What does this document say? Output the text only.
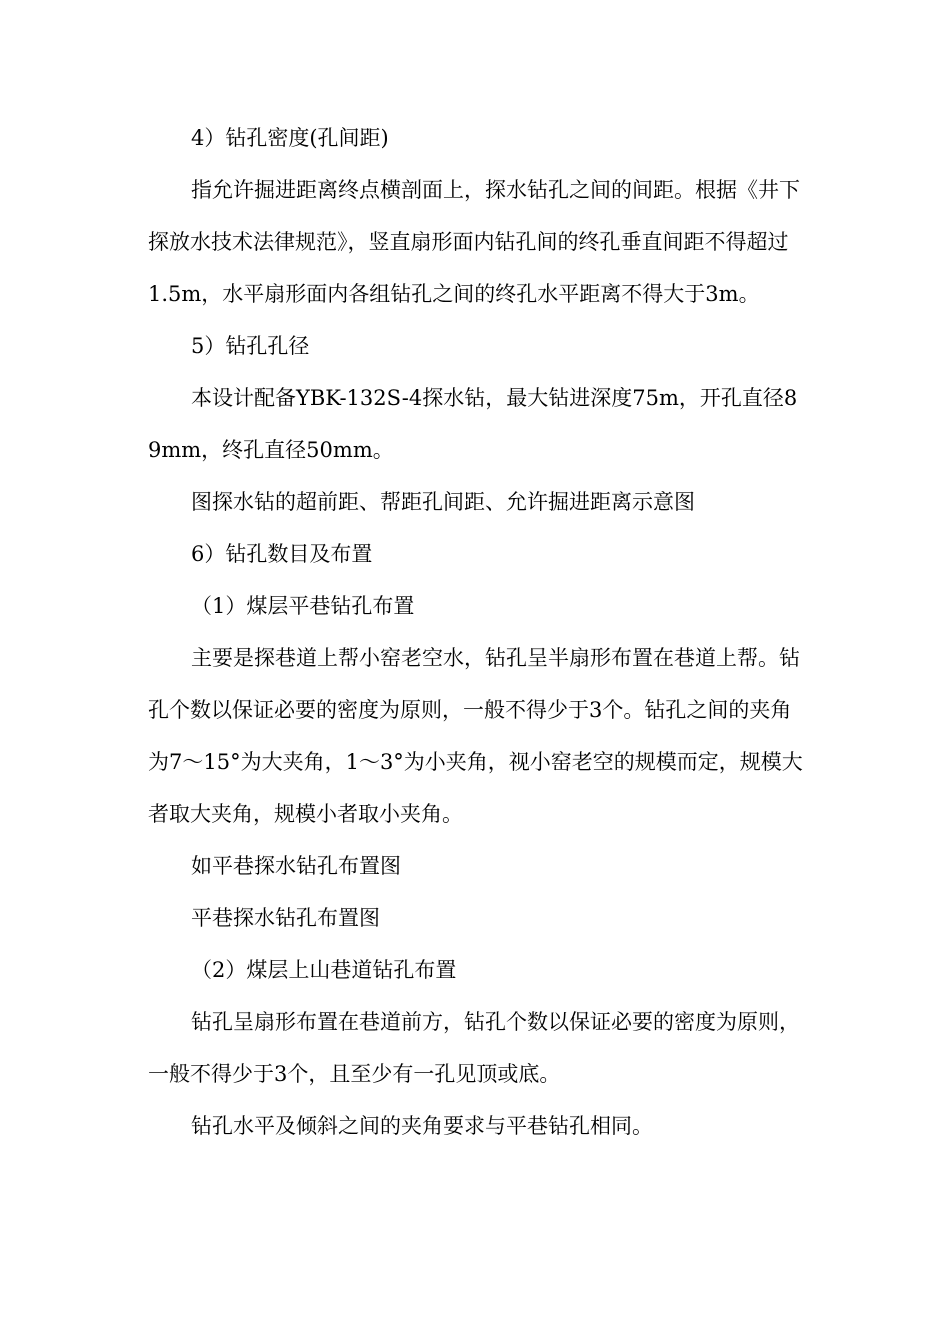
4）钻孔密度(孔间距)

指允许掘进距离终点横剖面上，探水钻孔之间的间距。根据《井下探放水技术法律规范》，竖直扇形面内钻孔间的终孔垂直间距不得超过1.5m，水平扇形面内各组钻孔之间的终孔水平距离不得大于3m。

5）钻孔孔径

本设计配备YBK-132S-4探水钻，最大钻进深度75m，开孔直径89mm，终孔直径50mm。

图探水钻的超前距、帮距孔间距、允许掘进距离示意图

6）钻孔数目及布置

（1）煤层平巷钻孔布置

主要是探巷道上帮小窑老空水，钻孔呈半扇形布置在巷道上帮。钻孔个数以保证必要的密度为原则，一般不得少于3个。钻孔之间的夹角为7～15°为大夹角，1～3°为小夹角，视小窑老空的规模而定，规模大者取大夹角，规模小者取小夹角。

如平巷探水钻孔布置图

平巷探水钻孔布置图

（2）煤层上山巷道钻孔布置

钻孔呈扇形布置在巷道前方，钻孔个数以保证必要的密度为原则，一般不得少于3个，且至少有一孔见顶或底。

钻孔水平及倾斜之间的夹角要求与平巷钻孔相同。
